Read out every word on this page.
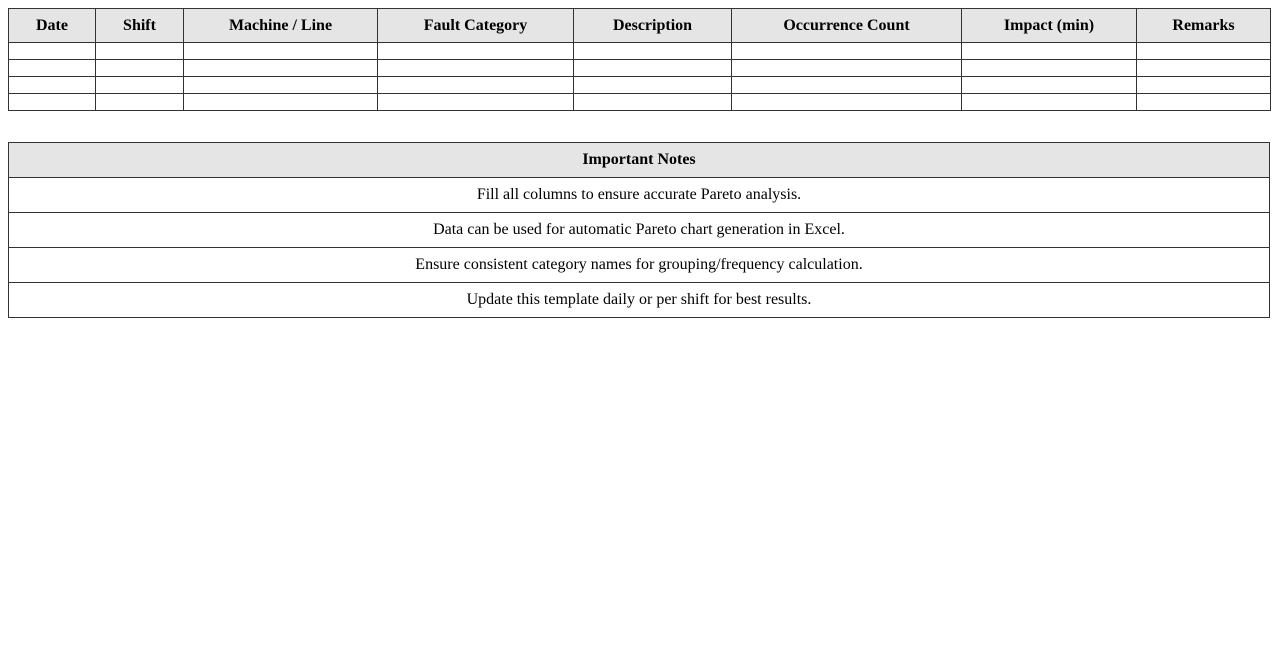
Date	Shift	Machine / Line	Fault Category	Description	Occurrence Count	Impact (min)	Remarks

Important Notes
Fill all columns to ensure accurate Pareto analysis.
Data can be used for automatic Pareto chart generation in Excel.
Ensure consistent category names for grouping/frequency calculation.
Update this template daily or per shift for best results.
